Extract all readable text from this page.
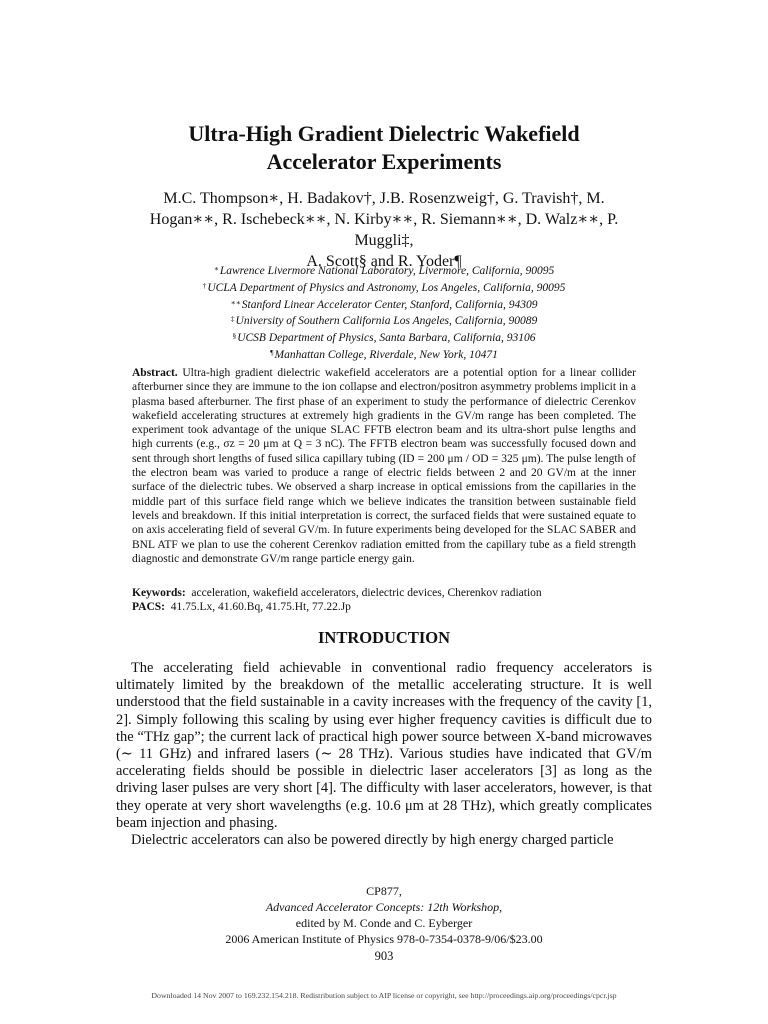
Ultra-High Gradient Dielectric Wakefield
Accelerator Experiments
M.C. Thompson∗, H. Badakov†, J.B. Rosenzweig†, G. Travish†, M.
Hogan∗∗, R. Ischebeck∗∗, N. Kirby∗∗, R. Siemann∗∗, D. Walz∗∗, P. Muggli‡,
A. Scott§ and R. Yoder¶
∗Lawrence Livermore National Laboratory, Livermore, California, 90095
†UCLA Department of Physics and Astronomy, Los Angeles, California, 90095
∗∗Stanford Linear Accelerator Center, Stanford, California, 94309
‡University of Southern California Los Angeles, California, 90089
§UCSB Department of Physics, Santa Barbara, California, 93106
¶Manhattan College, Riverdale, New York, 10471
Abstract. Ultra-high gradient dielectric wakefield accelerators are a potential option for a linear collider afterburner since they are immune to the ion collapse and electron/positron asymmetry problems implicit in a plasma based afterburner. The first phase of an experiment to study the performance of dielectric Cerenkov wakefield accelerating structures at extremely high gradients in the GV/m range has been completed. The experiment took advantage of the unique SLAC FFTB electron beam and its ultra-short pulse lengths and high currents (e.g., σz = 20 μm at Q = 3 nC). The FFTB electron beam was successfully focused down and sent through short lengths of fused silica capillary tubing (ID = 200 μm / OD = 325 μm). The pulse length of the electron beam was varied to produce a range of electric fields between 2 and 20 GV/m at the inner surface of the dielectric tubes. We observed a sharp increase in optical emissions from the capillaries in the middle part of this surface field range which we believe indicates the transition between sustainable field levels and breakdown. If this initial interpretation is correct, the surfaced fields that were sustained equate to on axis accelerating field of several GV/m. In future experiments being developed for the SLAC SABER and BNL ATF we plan to use the coherent Cerenkov radiation emitted from the capillary tube as a field strength diagnostic and demonstrate GV/m range particle energy gain.
Keywords: acceleration, wakefield accelerators, dielectric devices, Cherenkov radiation
PACS: 41.75.Lx, 41.60.Bq, 41.75.Ht, 77.22.Jp
INTRODUCTION

The accelerating field achievable in conventional radio frequency accelerators is ultimately limited by the breakdown of the metallic accelerating structure. It is well understood that the field sustainable in a cavity increases with the frequency of the cavity [1, 2]. Simply following this scaling by using ever higher frequency cavities is difficult due to the “THz gap”; the current lack of practical high power source between X-band microwaves (∼ 11 GHz) and infrared lasers (∼ 28 THz). Various studies have indicated that GV/m accelerating fields should be possible in dielectric laser accelerators [3] as long as the driving laser pulses are very short [4]. The difficulty with laser accelerators, however, is that they operate at very short wavelengths (e.g. 10.6 μm at 28 THz), which greatly complicates beam injection and phasing.

Dielectric accelerators can also be powered directly by high energy charged particle

CP877,
Advanced Accelerator Concepts: 12th Workshop,
edited by M. Conde and C. Eyberger
2006 American Institute of Physics 978-0-7354-0378-9/06/$23.00
903
Downloaded 14 Nov 2007 to 169.232.154.218. Redistribution subject to AIP license or copyright, see http://proceedings.aip.org/proceedings/cpcr.jsp
